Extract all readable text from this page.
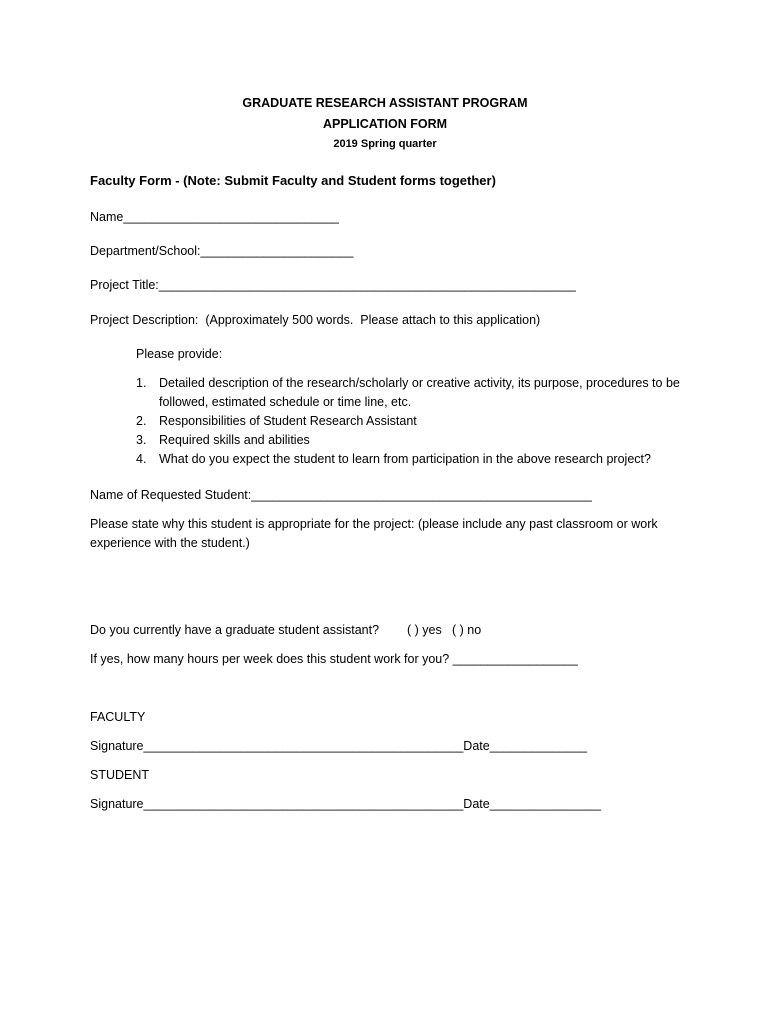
GRADUATE RESEARCH ASSISTANT PROGRAM
APPLICATION FORM
2019 Spring quarter
Faculty Form - (Note: Submit Faculty and Student forms together)
Name_______________________________
Department/School:______________________
Project Title:____________________________________________________________
Project Description:  (Approximately 500 words.  Please attach to this application)
Please provide:
1. Detailed description of the research/scholarly or creative activity, its purpose, procedures to be followed, estimated schedule or time line, etc.
2. Responsibilities of Student Research Assistant
3. Required skills and abilities
4. What do you expect the student to learn from participation in the above research project?
Name of Requested Student:_________________________________________________
Please state why this student is appropriate for the project: (please include any past classroom or work
experience with the student.)
Do you currently have a graduate student assistant? ( ) yes ( ) no
If yes, how many hours per week does this student work for you? __________________
FACULTY
Signature______________________________________________Date______________
STUDENT
Signature______________________________________________Date________________
